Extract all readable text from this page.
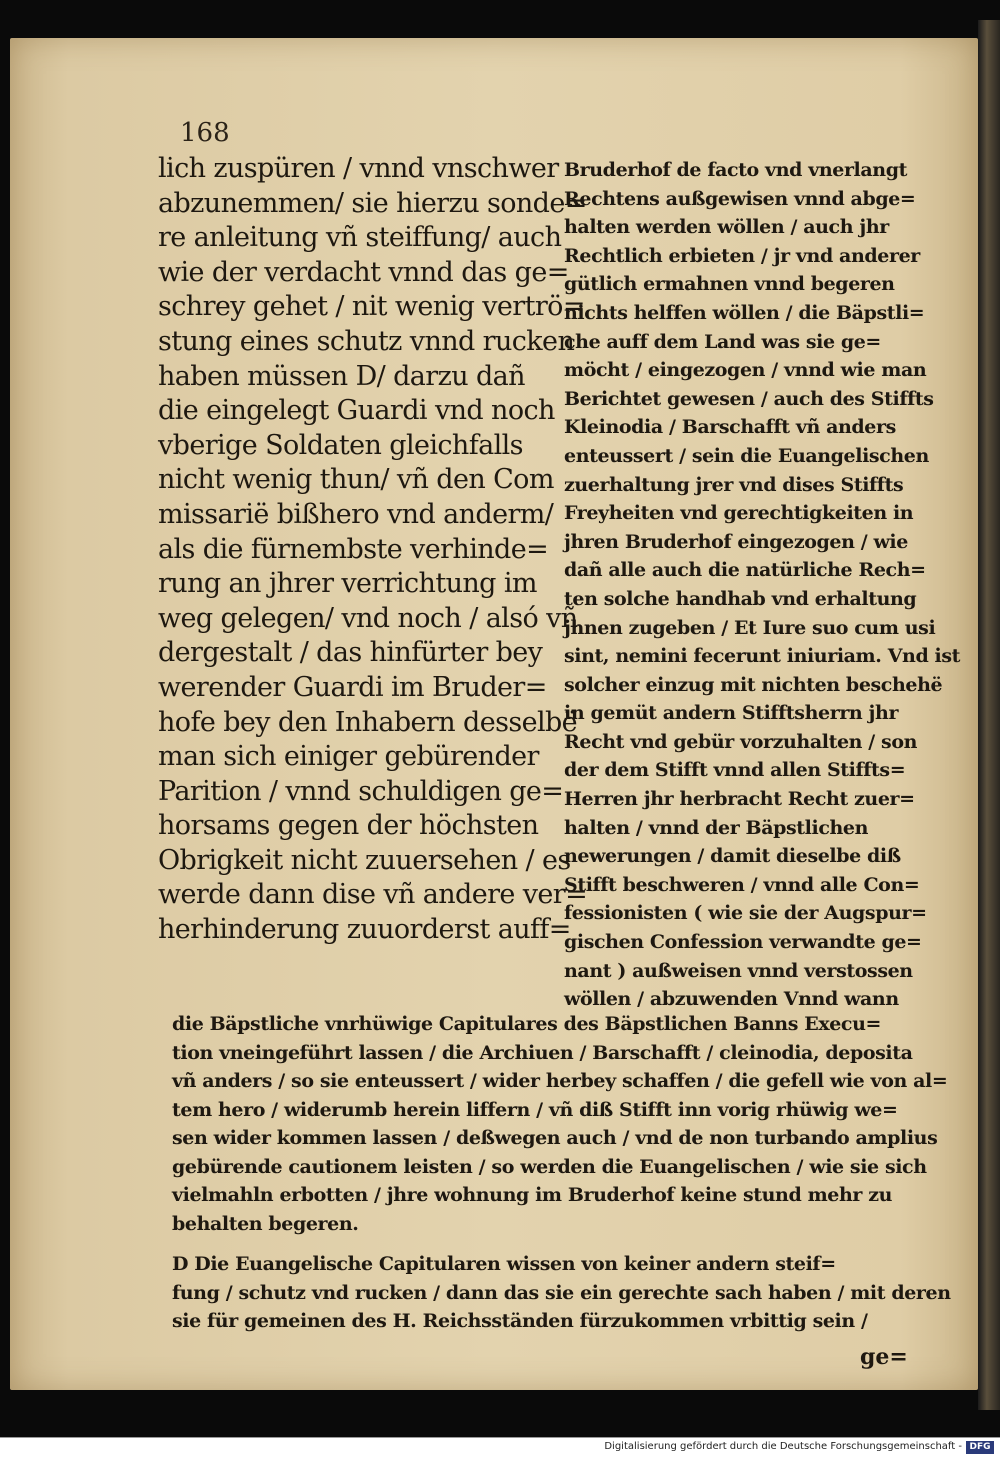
168
lich zuspüren / vnnd vnschwer
abzunemmen/ sie hierzu sonde=
re anleitung vñ steiffung/ auch
wie der verdacht vnnd das ge=
schrey gehet / nit wenig vertrö=
stung eines schutz vnnd rucken
haben müssen D/ darzu dañ
die eingelegt Guardi vnd noch
vberige Soldaten gleichfalls
nicht wenig thun/ vñ den Com
missarië bißhero vnd anderm/
als die fürnembste verhinde=
rung an jhrer verrichtung im
weg gelegen/ vnd noch / alsó vñ
dergestalt / das hinfürter bey
werender Guardi im Bruder=
hofe bey den Inhabern desselbë
man sich einiger gebürender
Parition / vnnd schuldigen ge=
horsams gegen der höchsten
Obrigkeit nicht zuuersehen / es
werde dann dise vñ andere ver=
herhinderung zuuorderst auff=
Bruderhof de facto vnd vnerlangt
Rechtens außgewisen vnnd abge=
halten werden wöllen / auch jhr
Rechtlich erbieten / jr vnd anderer
gütlich ermahnen vnnd begeren
nichts helffen wöllen / die Bäpstli=
che auff dem Land was sie ge=
möcht / eingezogen / vnnd wie man
Berichtet gewesen / auch des Stiffts
Kleinodia / Barschafft vñ anders
enteussert / sein die Euangelischen
zuerhaltung jrer vnd dises Stiffts
Freyheiten vnd gerechtigkeiten in
jhren Bruderhof eingezogen / wie
dañ alle auch die natürliche Rech=
ten solche handhab vnd erhaltung
jhnen zugeben / Et Iure suo cum usi
sint, nemini fecerunt iniuriam. Vnd ist
solcher einzug mit nichten beschehë
in gemüt andern Stifftsherrn jhr
Recht vnd gebür vorzuhalten / son
der dem Stifft vnnd allen Stiffts=
Herren jhr herbracht Recht zuer=
halten / vnnd der Bäpstlichen
newerungen / damit dieselbe diß
Stifft beschweren / vnnd alle Con=
fessionisten ( wie sie der Augspur=
gischen Confession verwandte ge=
nant ) außweisen vnnd verstossen
wöllen / abzuwenden Vnnd wann
die Bäpstliche vnrhüwige Capitulares des Bäpstlichen Banns Execu=
tion vneingeführt lassen / die Archiuen / Barschafft / cleinodia, deposita
vñ anders / so sie enteussert / wider herbey schaffen / die gefell wie von al=
tem hero / widerumb herein liffern / vñ diß Stifft inn vorig rhüwig we=
sen wider kommen lassen / deßwegen auch / vnd de non turbando amplius
gebürende cautionem leisten / so werden die Euangelischen / wie sie sich
vielmahln erbotten / jhre wohnung im Bruderhof keine stund mehr zu
behalten begeren.
D Die Euangelische Capitularen wissen von keiner andern steif=
fung / schutz vnd rucken / dann das sie ein gerechte sach haben / mit deren
sie für gemeinen des H. Reichsständen fürzukommen vrbittig sein /
ge=
Digitalisierung gefördert durch die Deutsche Forschungsgemeinschaft - DFG
